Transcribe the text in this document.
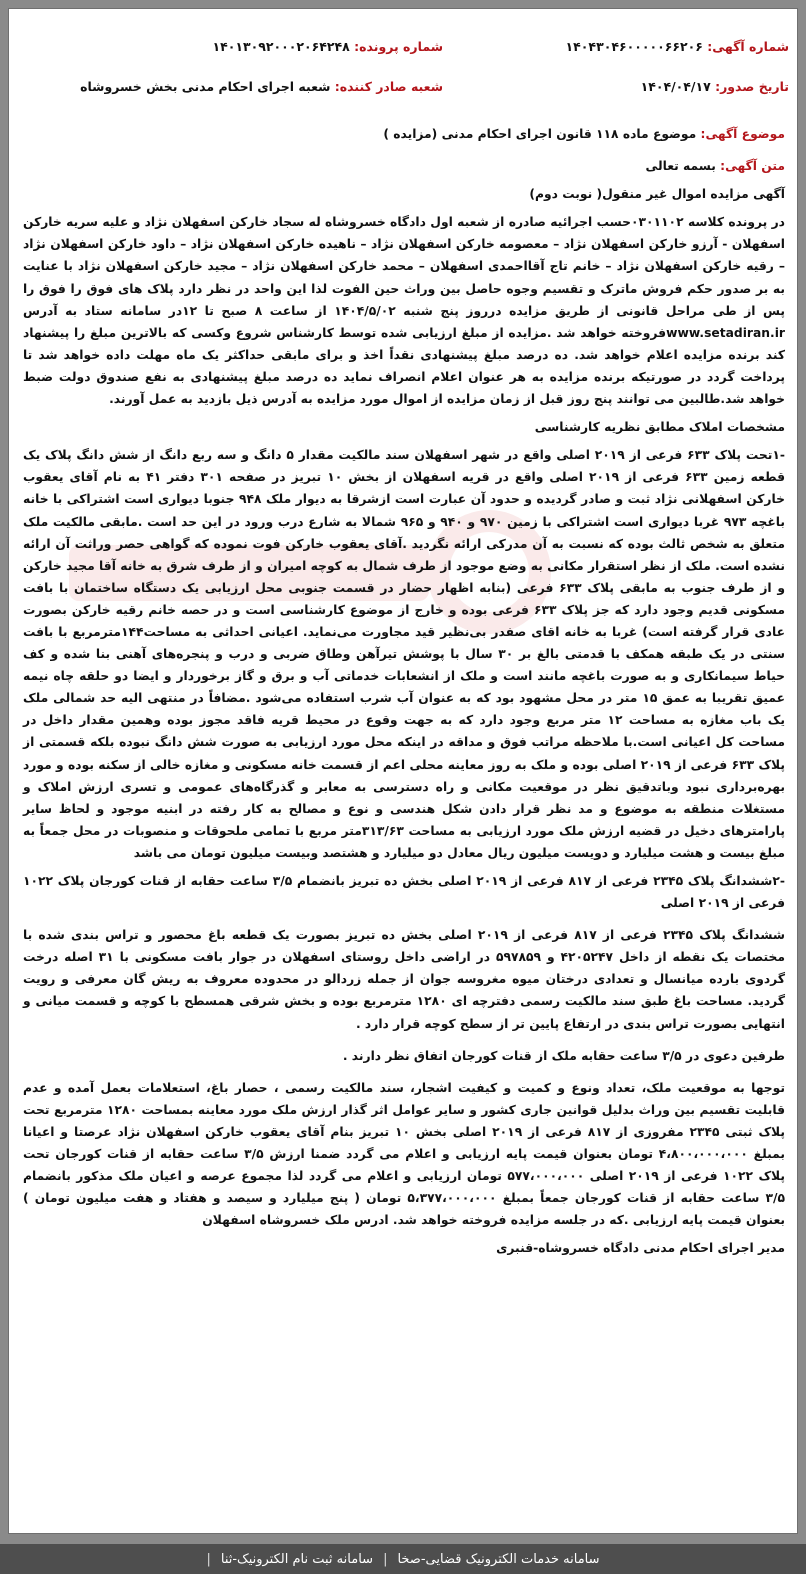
شماره آگهی: ۱۴۰۴۳۰۴۶۰۰۰۰۰۶۶۲۰۶
شماره پرونده: ۱۴۰۱۳۰۹۲۰۰۰۲۰۶۴۲۴۸
تاریخ صدور: ۱۴۰۴/۰۴/۱۷
شعبه صادر کننده: شعبه اجرای احکام مدنی بخش خسروشاه

موضوع آگهی: موضوع ماده ۱۱۸ قانون اجرای احکام مدنی (مزایده )

متن آگهی: بسمه تعالی

آگهی مزایده اموال غیر منقول( نوبت دوم)

در پرونده کلاسه ۰۳۰۱۱۰۲حسب اجرائیه صادره از شعبه اول دادگاه خسروشاه له سجاد خارکن اسفهلان نژاد و علیه سریه خارکن اسفهلان - آرزو خارکن اسفهلان نژاد – معصومه خارکن اسفهلان نژاد – ناهیده خارکن اسفهلان نژاد – داود خارکن اسفهلان نژاد – رقیه خارکن اسفهلان نژاد – خانم تاج آقااحمدی اسفهلان – محمد خارکن اسفهلان نژاد – مجید خارکن اسفهلان نژاد با عنایت به بر صدور حکم فروش ماترک و تقسیم وجوه حاصل بین وراث حین الفوت لذا این واحد در نظر دارد پلاک های فوق را فوق را پس از طی مراحل قانونی از طریق مزایده درروز پنج شنبه ۱۴۰۴/۵/۰۲ از ساعت ۸ صبح تا ۱۲در سامانه ستاد به آدرس www.setadiran.irفروخته خواهد شد .مزایده از مبلغ ارزیابی شده توسط کارشناس شروع وکسی که بالاترین مبلغ را پیشنهاد کند برنده مزایده اعلام خواهد شد. ده درصد مبلغ پیشنهادی نقداً اخذ و برای مابقی حداکثر یک ماه مهلت داده خواهد شد تا پرداخت گردد در صورتیکه برنده مزایده به هر عنوان اعلام انصراف نماید ده درصد مبلغ پیشنهادی به نفع صندوق دولت ضبط خواهد شد.طالبین می توانند پنج روز قبل از زمان مزایده از اموال مورد مزایده به آدرس ذیل بازدید به عمل آورند.

مشخصات املاک مطابق نظریه کارشناسی

-۱تحت پلاک ۶۳۳ فرعی از ۲۰۱۹ اصلی واقع در شهر اسفهلان سند مالکیت مقدار ۵ دانگ و سه ربع دانگ از شش دانگ پلاک یک قطعه زمین ۶۳۳ فرعی از ۲۰۱۹ اصلی واقع در قریه اسفهلان از بخش ۱۰ تبریز در صفحه ۳۰۱ دفتر ۴۱ به نام آقای یعقوب خارکن اسفهلانی نژاد ثبت و صادر گردیده و حدود آن عبارت است ازشرقا به دیوار ملک ۹۴۸ جنوبا دیواری است اشتراکی با خانه باغچه ۹۷۳ غربا دیواری است اشتراکی با زمین ۹۷۰ و ۹۴۰ و ۹۶۵ شمالا به شارع درب ورود در این حد است .مابقی مالکیت ملک متعلق به شخص ثالث بوده که نسبت به آن مدرکی ارائه نگردید .آقای یعقوب خارکن فوت نموده که گواهی حصر وراثت آن ارائه نشده است. ملک از نظر استقرار مکانی به وضع موجود از طرف شمال به کوچه امیران و از طرف شرق به خانه آقا مجید خارکن و از طرف جنوب به مابقی پلاک ۶۳۳ فرعی (بنابه اظهار حضار در قسمت جنوبی محل ارزیابی یک دستگاه ساختمان با بافت مسکونی قدیم وجود دارد که جز پلاک ۶۳۳ فرعی بوده و خارج از موضوع کارشناسی است و در حصه خانم رقیه خارکن بصورت عادی قرار گرفته است) غربا به خانه اقای صفدر بی‌نظیر قید مجاورت می‌نماید. اعیانی احداثی به مساحت۱۴۴مترمربع با بافت سنتی در یک طبقه همکف با قدمتی بالغ بر ۳۰ سال با پوشش تیرآهن وطاق ضربی و درب و پنجره‌های آهنی بنا شده و کف حیاط سیمانکاری و به صورت باغچه مانند است و ملک از انشعابات خدماتی آب و برق و گاز برخوردار و ایضا دو حلقه چاه نیمه عمیق تقریبا به عمق ۱۵ متر در محل مشهود بود که به عنوان آب شرب استفاده می‌شود .مضافاً در منتهی الیه حد شمالی ملک یک باب مغازه به مساحت ۱۲ متر مربع وجود دارد که به جهت وقوع در محیط قریه فاقد مجوز بوده وهمین مقدار داخل در مساحت کل اعیانی است.با ملاحظه مراتب فوق و مداقه در اینکه محل مورد ارزیابی به صورت شش دانگ نبوده بلکه قسمتی از پلاک ۶۳۳ فرعی از ۲۰۱۹ اصلی بوده و ملک به روز معاینه محلی اعم از قسمت خانه مسکونی و مغازه خالی از سکنه بوده و مورد بهره‌برداری نبود وباتدقیق نظر در موقعیت مکانی و راه دسترسی به معابر و گذرگاه‌های عمومی و تسری ارزش املاک و مستغلات منطقه به موضوع و مد نظر قرار دادن شکل هندسی و نوع و مصالح به کار رفته در ابنیه موجود و لحاظ سایر پارامترهای دخیل در قضیه ارزش ملک مورد ارزیابی به مساحت ۳۱۳/۶۳متر مربع با تمامی ملحوقات و منصوبات در محل جمعاً به مبلغ بیست و هشت میلیارد و دویست میلیون ریال معادل دو میلیارد و هشتصد وبیست میلیون تومان می باشد

-۲ششدانگ پلاک ۲۳۴۵ فرعی از ۸۱۷ فرعی از ۲۰۱۹ اصلی بخش ده تبریز بانضمام ۳/۵ ساعت حقابه از قنات کورجان پلاک ۱۰۲۲ فرعی از ۲۰۱۹ اصلی

ششدانگ پلاک ۲۳۴۵ فرعی از ۸۱۷ فرعی از ۲۰۱۹ اصلی بخش ده تبریز بصورت یک قطعه باغ محصور و تراس بندی شده با مختصات یک نقطه از داخل ۴۲۰۵۲۴۷ و ۵۹۷۸۵۹ در اراضی داخل روستای اسفهلان در جوار بافت مسکونی با ۳۱ اصله درخت گردوی بارده میانسال و تعدادی درختان میوه مغروسه جوان از جمله زردالو در محدوده معروف به ریش گان معرفی و رویت گردید. مساحت باغ طبق سند مالکیت رسمی دفترچه ای ۱۲۸۰ مترمربع بوده و بخش شرقی همسطح با کوچه و قسمت میانی و انتهایی بصورت تراس بندی در ارتفاع پایین تر از سطح کوچه قرار دارد .

طرفین دعوی در ۳/۵ ساعت حقابه ملک از قنات کورجان اتفاق نظر دارند .

توجها به موقعیت ملک، تعداد ونوع و کمیت و کیفیت اشجار، سند مالکیت رسمی ، حصار باغ، استعلامات بعمل آمده و عدم قابلیت تقسیم بین وراث بدلیل قوانین جاری کشور و سایر عوامل اثر گذار ارزش ملک مورد معاینه بمساحت ۱۲۸۰ مترمربع تحت پلاک ثبتی ۲۳۴۵ مفروزی از ۸۱۷ فرعی از ۲۰۱۹ اصلی بخش ۱۰ تبریز بنام آقای یعقوب خارکن اسفهلان نژاد عرصتا و اعیانا بمبلغ ۴،۸۰۰،۰۰۰،۰۰۰ تومان بعنوان قیمت پایه ارزیابی و اعلام می گردد ضمنا ارزش ۳/۵ ساعت حقابه از قنات کورجان تحت پلاک ۱۰۲۲ فرعی از ۲۰۱۹ اصلی ۵۷۷،۰۰۰،۰۰۰ تومان ارزیابی و اعلام می گردد لذا مجموع عرصه و اعیان ملک مذکور بانضمام ۳/۵ ساعت حقابه از قنات کورجان جمعاً بمبلغ ۵،۳۷۷،۰۰۰،۰۰۰ تومان ( پنج میلیارد و سیصد و هفتاد و هفت میلیون تومان ) بعنوان قیمت پایه ارزیابی .که در جلسه مزایده فروخته خواهد شد. ادرس ملک خسروشاه اسفهلان

مدیر اجرای احکام مدنی دادگاه خسروشاه-قنبری

سامانه خدمات الکترونیک قضایی-صخا
|
سامانه ثبت نام الکترونیک-ثنا
|
